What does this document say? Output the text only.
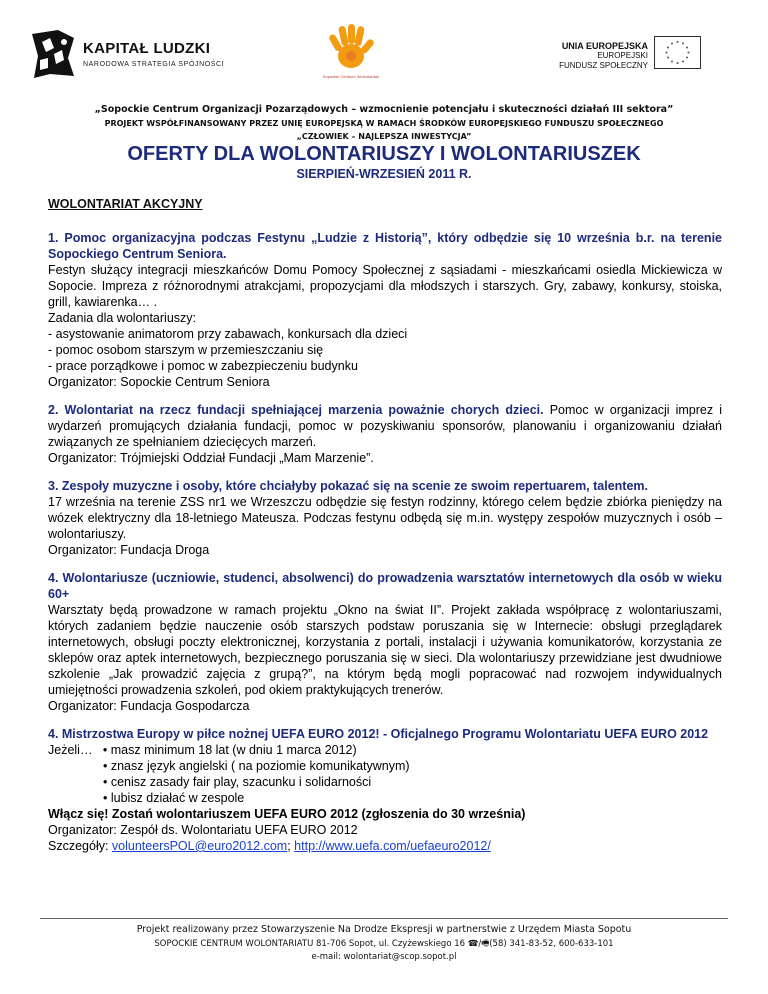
KAPITAŁ LUDZKI
NARODOWA STRATEGIA SPÓJNOŚCI
Sopockie Centrum Wolontariatu
UNIA EUROPEJSKA
EUROPEJSKI
FUNDUSZ SPOŁECZNY
„Sopockie Centrum Organizacji Pozarządowych – wzmocnienie potencjału i skuteczności działań III sektora”
PROJEKT WSPÓŁFINANSOWANY PRZEZ UNIĘ EUROPEJSKĄ W RAMACH ŚRODKÓW EUROPEJSKIEGO FUNDUSZU SPOŁECZNEGO
„CZŁOWIEK – NAJLEPSZA INWESTYCJA”
OFERTY DLA WOLONTARIUSZY I WOLONTARIUSZEK
SIERPIEŃ-WRZESIEŃ 2011 R.
WOLONTARIAT AKCYJNY

1. Pomoc organizacyjna podczas Festynu „Ludzie z Historią”, który odbędzie się 10 września b.r. na terenie Sopockiego Centrum Seniora.

Festyn służący integracji mieszkańców Domu Pomocy Społecznej z sąsiadami - mieszkańcami osiedla Mickiewicza w Sopocie. Impreza z różnorodnymi atrakcjami, propozycjami dla młodszych i starszych. Gry, zabawy, konkursy, stoiska, grill, kawiarenka… .

Zadania dla wolontariuszy:

- asystowanie animatorom przy zabawach, konkursach dla dzieci

- pomoc osobom starszym w przemieszczaniu się

- prace porządkowe i pomoc w zabezpieczeniu budynku

Organizator: Sopockie Centrum Seniora

2. Wolontariat na rzecz fundacji spełniającej marzenia poważnie chorych dzieci. Pomoc w organizacji imprez i wydarzeń promujących działania fundacji, pomoc w pozyskiwaniu sponsorów, planowaniu i organizowaniu działań związanych ze spełnianiem dziecięcych marzeń.

Organizator: Trójmiejski Oddział Fundacji „Mam Marzenie”.

3. Zespoły muzyczne i osoby, które chciałyby pokazać się na scenie ze swoim repertuarem, talentem.

17 września na terenie ZSS nr1 we Wrzeszczu odbędzie się festyn rodzinny, którego celem będzie zbiórka pieniędzy na wózek elektryczny dla 18-letniego Mateusza. Podczas festynu odbędą się m.in. występy zespołów muzycznych i osób – wolontariuszy.

Organizator: Fundacja Droga

4. Wolontariusze (uczniowie, studenci, absolwenci) do prowadzenia warsztatów internetowych dla osób w wieku 60+

Warsztaty będą prowadzone w ramach projektu „Okno na świat II”. Projekt zakłada współpracę z wolontariuszami, których zadaniem będzie nauczenie osób starszych podstaw poruszania się w Internecie: obsługi przeglądarek internetowych, obsługi poczty elektronicznej, korzystania z portali, instalacji i używania komunikatorów, korzystania ze sklepów oraz aptek internetowych, bezpiecznego poruszania się w sieci. Dla wolontariuszy przewidziane jest dwudniowe szkolenie „Jak prowadzić zajęcia z grupą?”, na którym będą mogli popracować nad rozwojem indywidualnych umiejętności prowadzenia szkoleń, pod okiem praktykujących trenerów.

Organizator: Fundacja Gospodarcza

4. Mistrzostwa Europy w piłce nożnej UEFA EURO 2012! - Oficjalnego Programu Wolontariatu UEFA EURO 2012

Jeżeli… • masz minimum 18 lat (w dniu 1 marca 2012)

• znasz język angielski ( na poziomie komunikatywnym)

• cenisz zasady fair play, szacunku i solidarności

• lubisz działać w zespole

Włącz się! Zostań wolontariuszem UEFA EURO 2012 (zgłoszenia do 30 września)

Organizator: Zespół ds. Wolontariatu UEFA EURO 2012

Szczegóły: volunteersPOL@euro2012.com; http://www.uefa.com/uefaeuro2012/

Projekt realizowany przez Stowarzyszenie Na Drodze Ekspresji w partnerstwie z Urzędem Miasta Sopotu
SOPOCKIE CENTRUM WOLONTARIATU 81-706 Sopot, ul. Czyżewskiego 16 ☎/🖷(58) 341-83-52, 600-633-101
e-mail: wolontariat@scop.sopot.pl
